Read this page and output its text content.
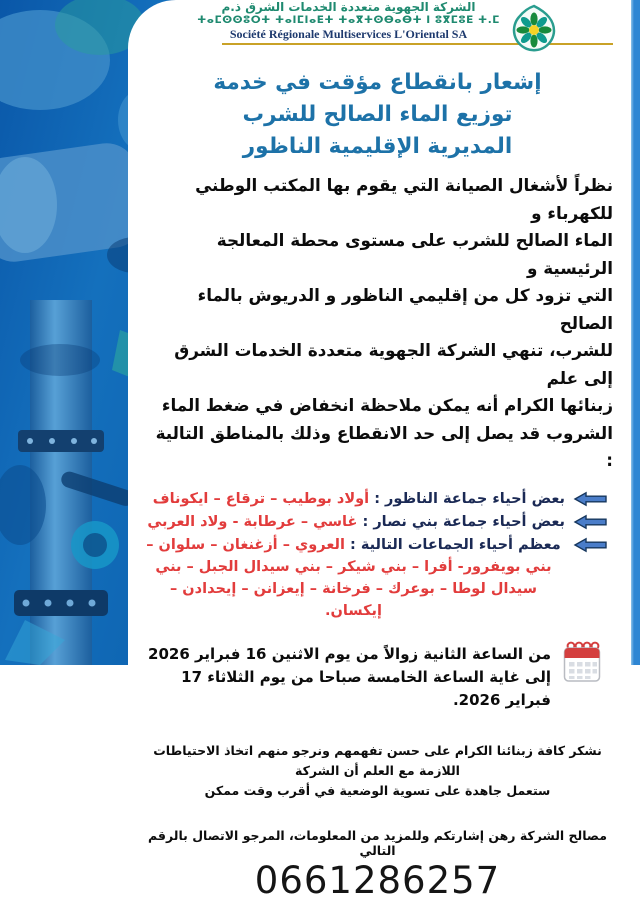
الشركة الجهوية متعددة الخدمات الشرق ذ.م
ⵜⴰⵎⵙⵙⵓⵔⵜ ⵜⴰⵏⵎⵏⴰⴹⵜ ⵜⴰⴳⵜⵙⴱⴰⴱⵜ ⵏ ⵓⴳⵎⵓⴹ ⵜ.ⵎ
Société Régionale Multiservices L'Oriental SA
إشعار بانقطاع مؤقت في خدمة
توزيع الماء الصالح للشرب
المديرية الإقليمية الناظور
نظراً لأشغال الصيانة التي يقوم بها المكتب الوطني للكهرباء و
الماء الصالح للشرب على مستوى محطة المعالجة الرئيسية و
التي تزود كل من إقليمي الناظور و الدريوش بالماء الصالح
للشرب، تنهي الشركة الجهوية متعددة الخدمات الشرق إلى علم
زبنائها الكرام أنه يمكن ملاحظة انخفاض في ضغط الماء
الشروب قد يصل إلى حد الانقطاع وذلك بالمناطق التالية :
بعض أحياء جماعة الناظور : أولاد بوطيب – ترقاع – ايكوناف
بعض أحياء جماعة بني نصار : غاسي – عرطابة - ولاد العربي
معظم أحياء الجماعات التالية : العروي – أزغنغان – سلوان – بني بويفرور- أفرا – بني شيكر – بني سيدال الجبل – بني سيدال لوطا – بوعرك – فرخانة – إيعزانن – إيحدادن – إيكسان.
من الساعة الثانية زوالاً من يوم الاثنين 16 فبراير 2026
إلى غاية الساعة الخامسة صباحا من يوم الثلاثاء 17 فبراير 2026.
نشكر كافة زبنائنا الكرام على حسن تفهمهم ونرجو منهم اتخاذ الاحتياطات اللازمة مع العلم أن الشركة
ستعمل جاهدة على تسوية الوضعية في أقرب وقت ممكن
مصالح الشركة رهن إشارتكم وللمزيد من المعلومات، المرجو الاتصال بالرقم التالي
0661286257
